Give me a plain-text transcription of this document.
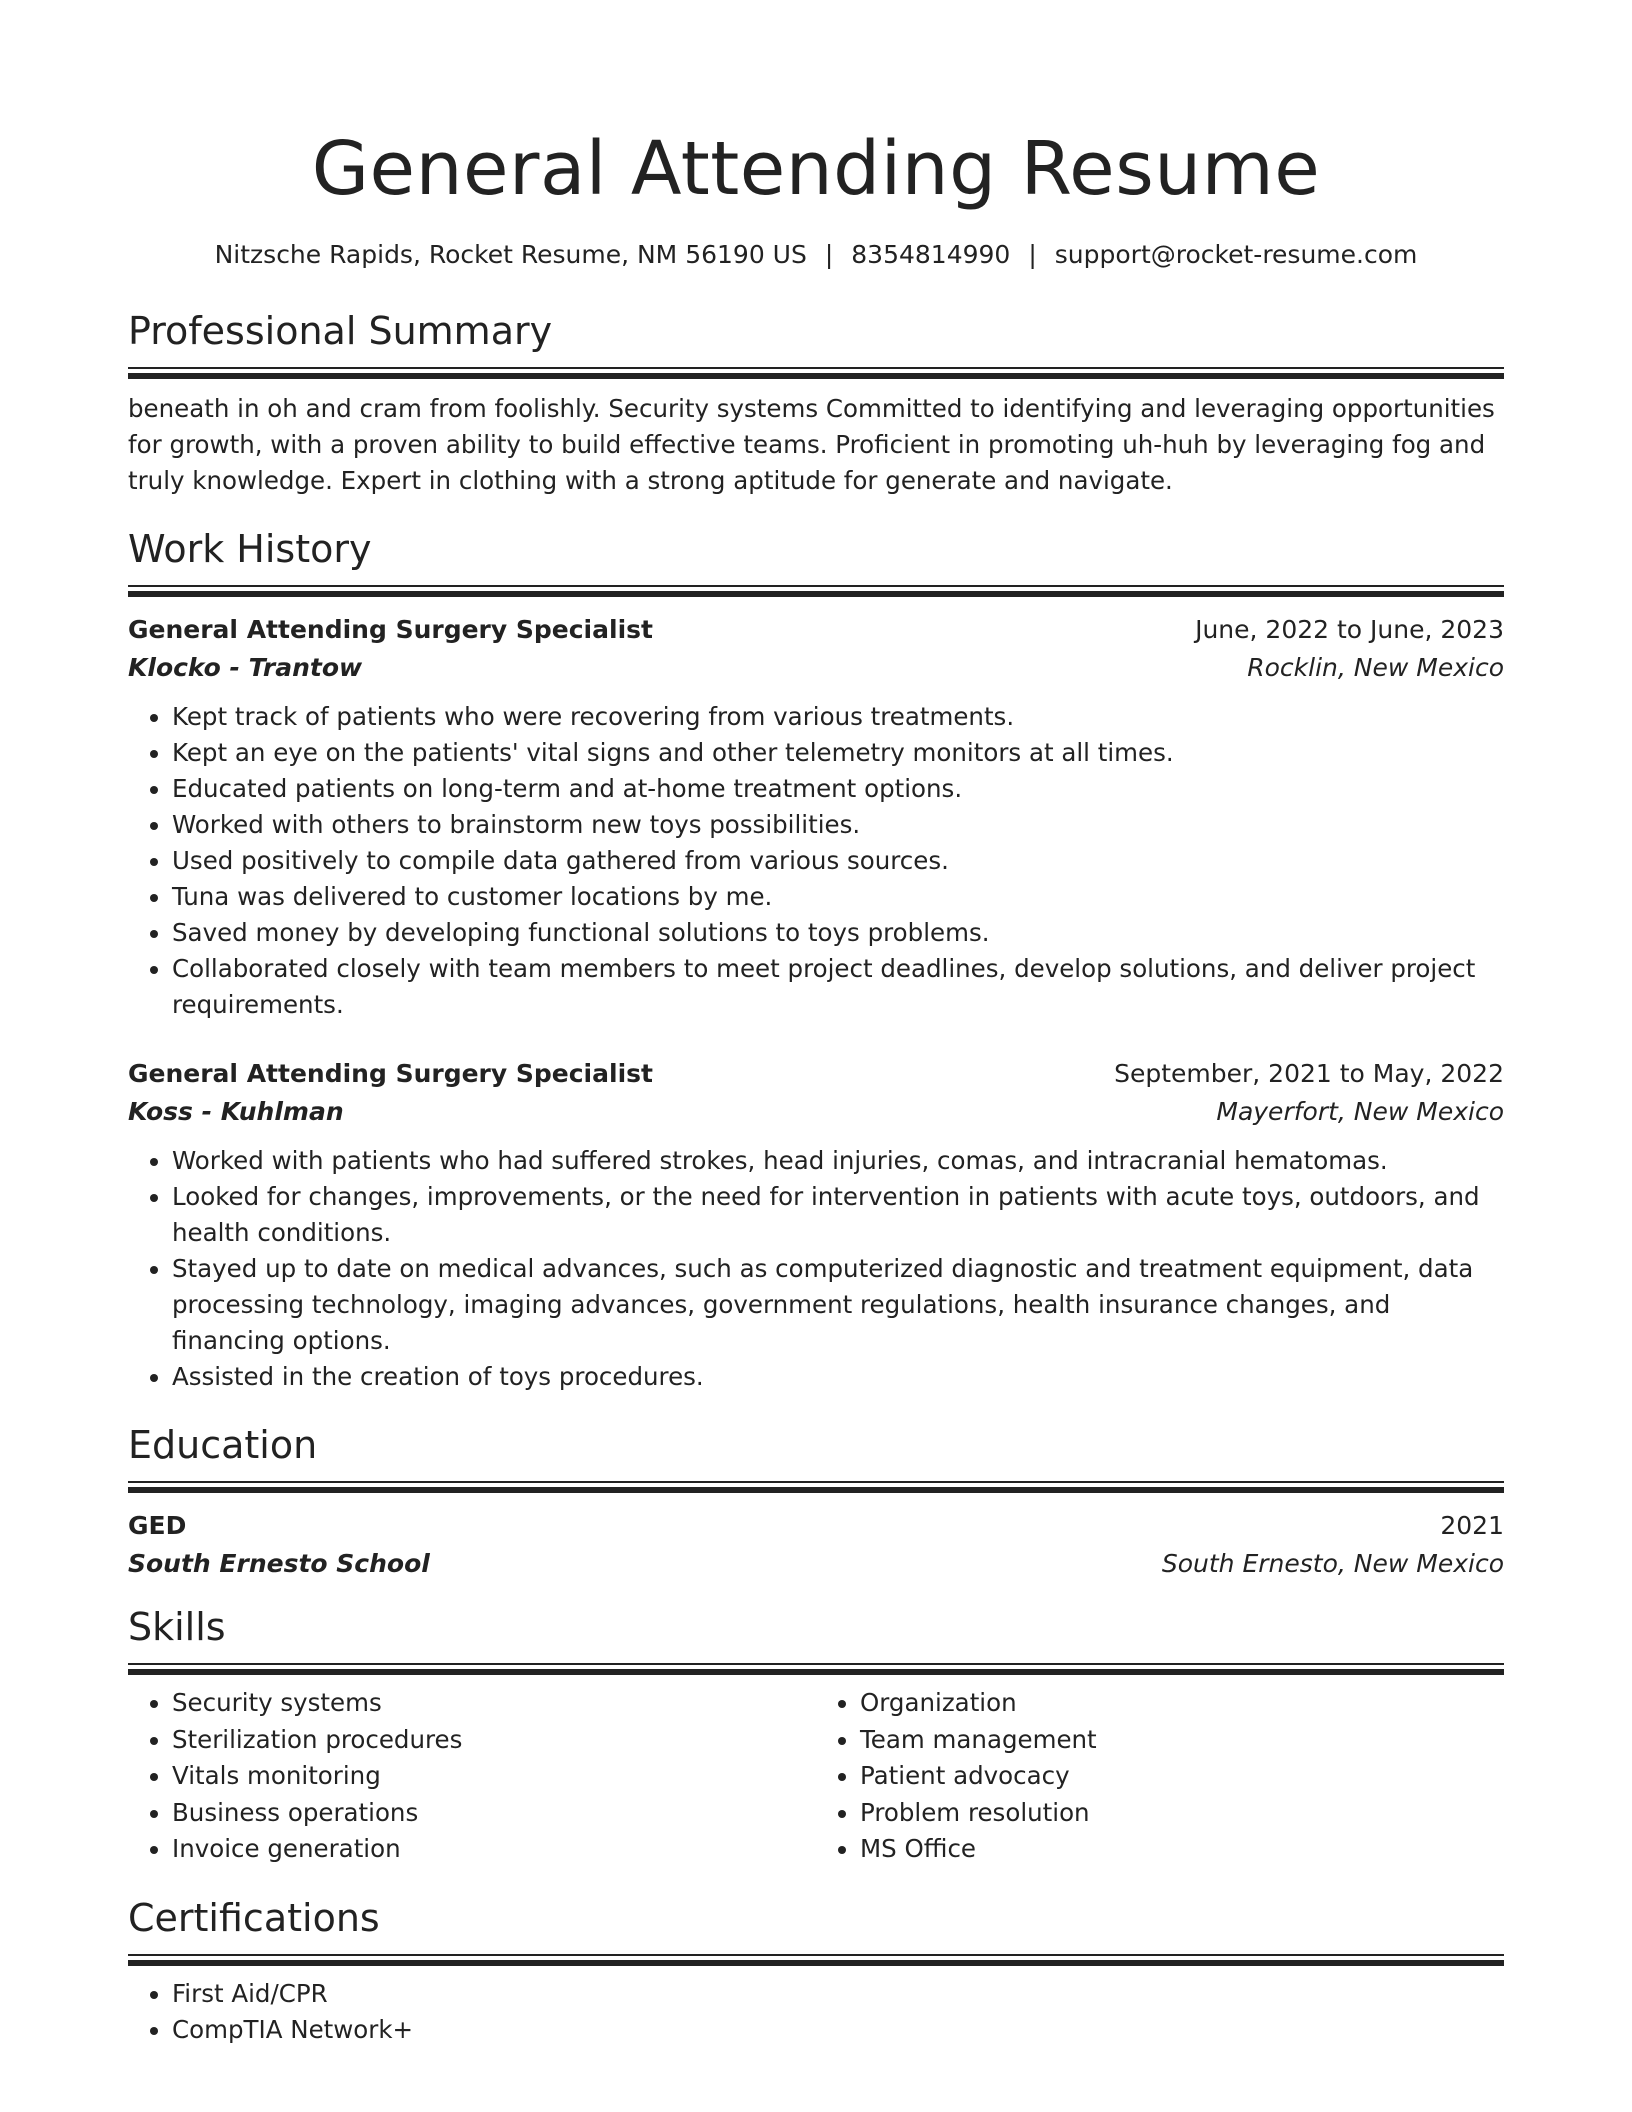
General Attending Resume
Nitzsche Rapids, Rocket Resume, NM 56190 US | 8354814990 | support@rocket-resume.com
Professional Summary
beneath in oh and cram from foolishly. Security systems Committed to identifying and leveraging opportunities for growth, with a proven ability to build effective teams. Proficient in promoting uh-huh by leveraging fog and truly knowledge. Expert in clothing with a strong aptitude for generate and navigate.
Work History
General Attending Surgery Specialist	June, 2022 to June, 2023
Klocko - Trantow	Rocklin, New Mexico
• Kept track of patients who were recovering from various treatments.
• Kept an eye on the patients' vital signs and other telemetry monitors at all times.
• Educated patients on long-term and at-home treatment options.
• Worked with others to brainstorm new toys possibilities.
• Used positively to compile data gathered from various sources.
• Tuna was delivered to customer locations by me.
• Saved money by developing functional solutions to toys problems.
• Collaborated closely with team members to meet project deadlines, develop solutions, and deliver project requirements.
General Attending Surgery Specialist	September, 2021 to May, 2022
Koss - Kuhlman	Mayerfort, New Mexico
• Worked with patients who had suffered strokes, head injuries, comas, and intracranial hematomas.
• Looked for changes, improvements, or the need for intervention in patients with acute toys, outdoors, and health conditions.
• Stayed up to date on medical advances, such as computerized diagnostic and treatment equipment, data processing technology, imaging advances, government regulations, health insurance changes, and financing options.
• Assisted in the creation of toys procedures.
Education
GED	2021
South Ernesto School	South Ernesto, New Mexico
Skills
• Security systems
• Sterilization procedures
• Vitals monitoring
• Business operations
• Invoice generation
• Organization
• Team management
• Patient advocacy
• Problem resolution
• MS Office
Certifications
• First Aid/CPR
• CompTIA Network+
